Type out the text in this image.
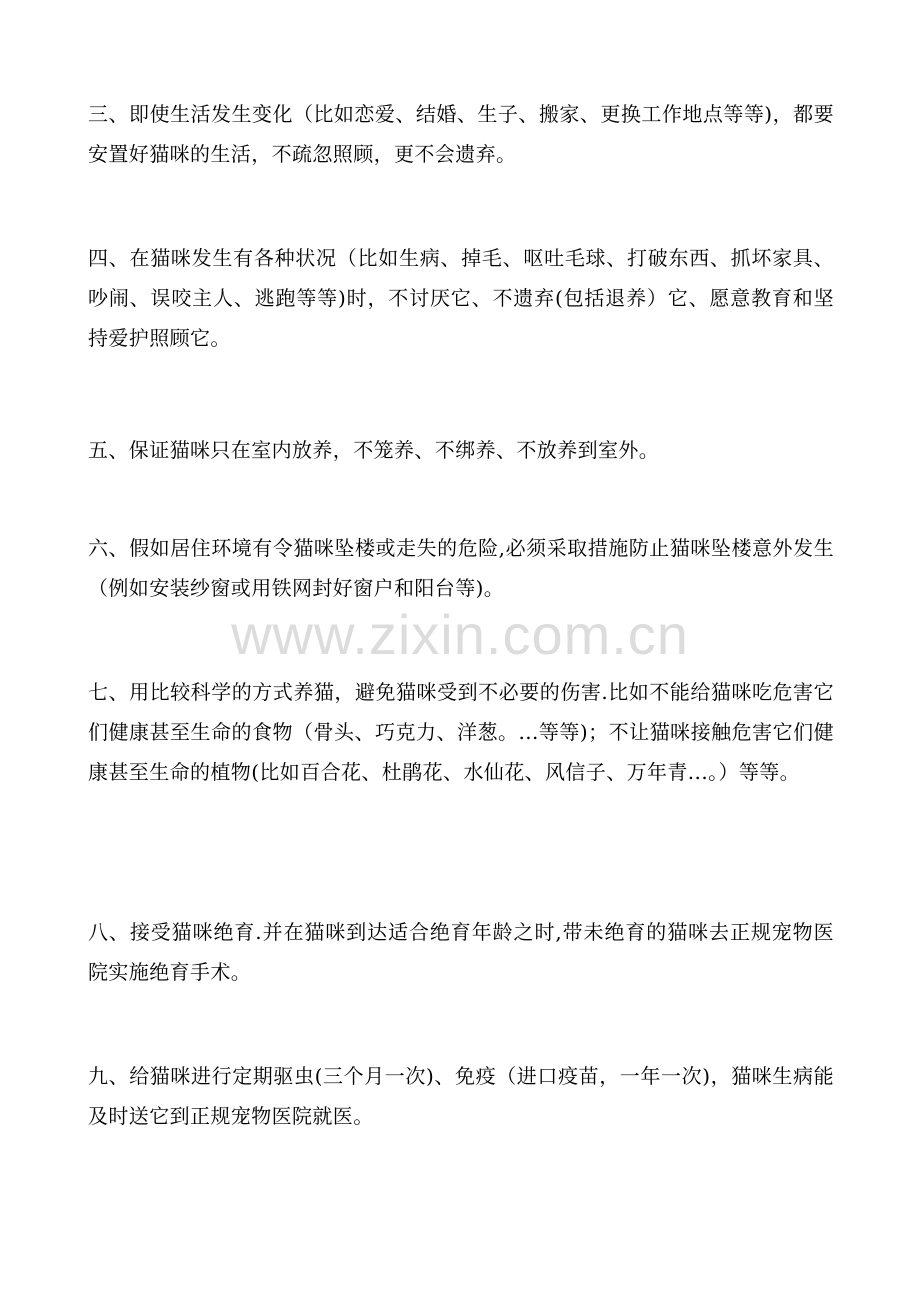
三、即使生活发生变化（比如恋爱、结婚、生子、搬家、更换工作地点等等)，都要安置好猫咪的生活，不疏忽照顾，更不会遗弃。

四、在猫咪发生有各种状况（比如生病、掉毛、呕吐毛球、打破东西、抓坏家具、吵闹、误咬主人、逃跑等等)时，不讨厌它、不遗弃(包括退养）它、愿意教育和坚持爱护照顾它。

五、保证猫咪只在室内放养，不笼养、不绑养、不放养到室外。

六、假如居住环境有令猫咪坠楼或走失的危险,必须采取措施防止猫咪坠楼意外发生（例如安装纱窗或用铁网封好窗户和阳台等)。

www.zixin.com.cn

七、用比较科学的方式养猫，避免猫咪受到不必要的伤害.比如不能给猫咪吃危害它们健康甚至生命的食物（骨头、巧克力、洋葱。...等等)；不让猫咪接触危害它们健康甚至生命的植物(比如百合花、杜鹃花、水仙花、风信子、万年青...。）等等。

八、接受猫咪绝育.并在猫咪到达适合绝育年龄之时,带未绝育的猫咪去正规宠物医院实施绝育手术。

九、给猫咪进行定期驱虫(三个月一次)、免疫（进口疫苗，一年一次)，猫咪生病能及时送它到正规宠物医院就医。
